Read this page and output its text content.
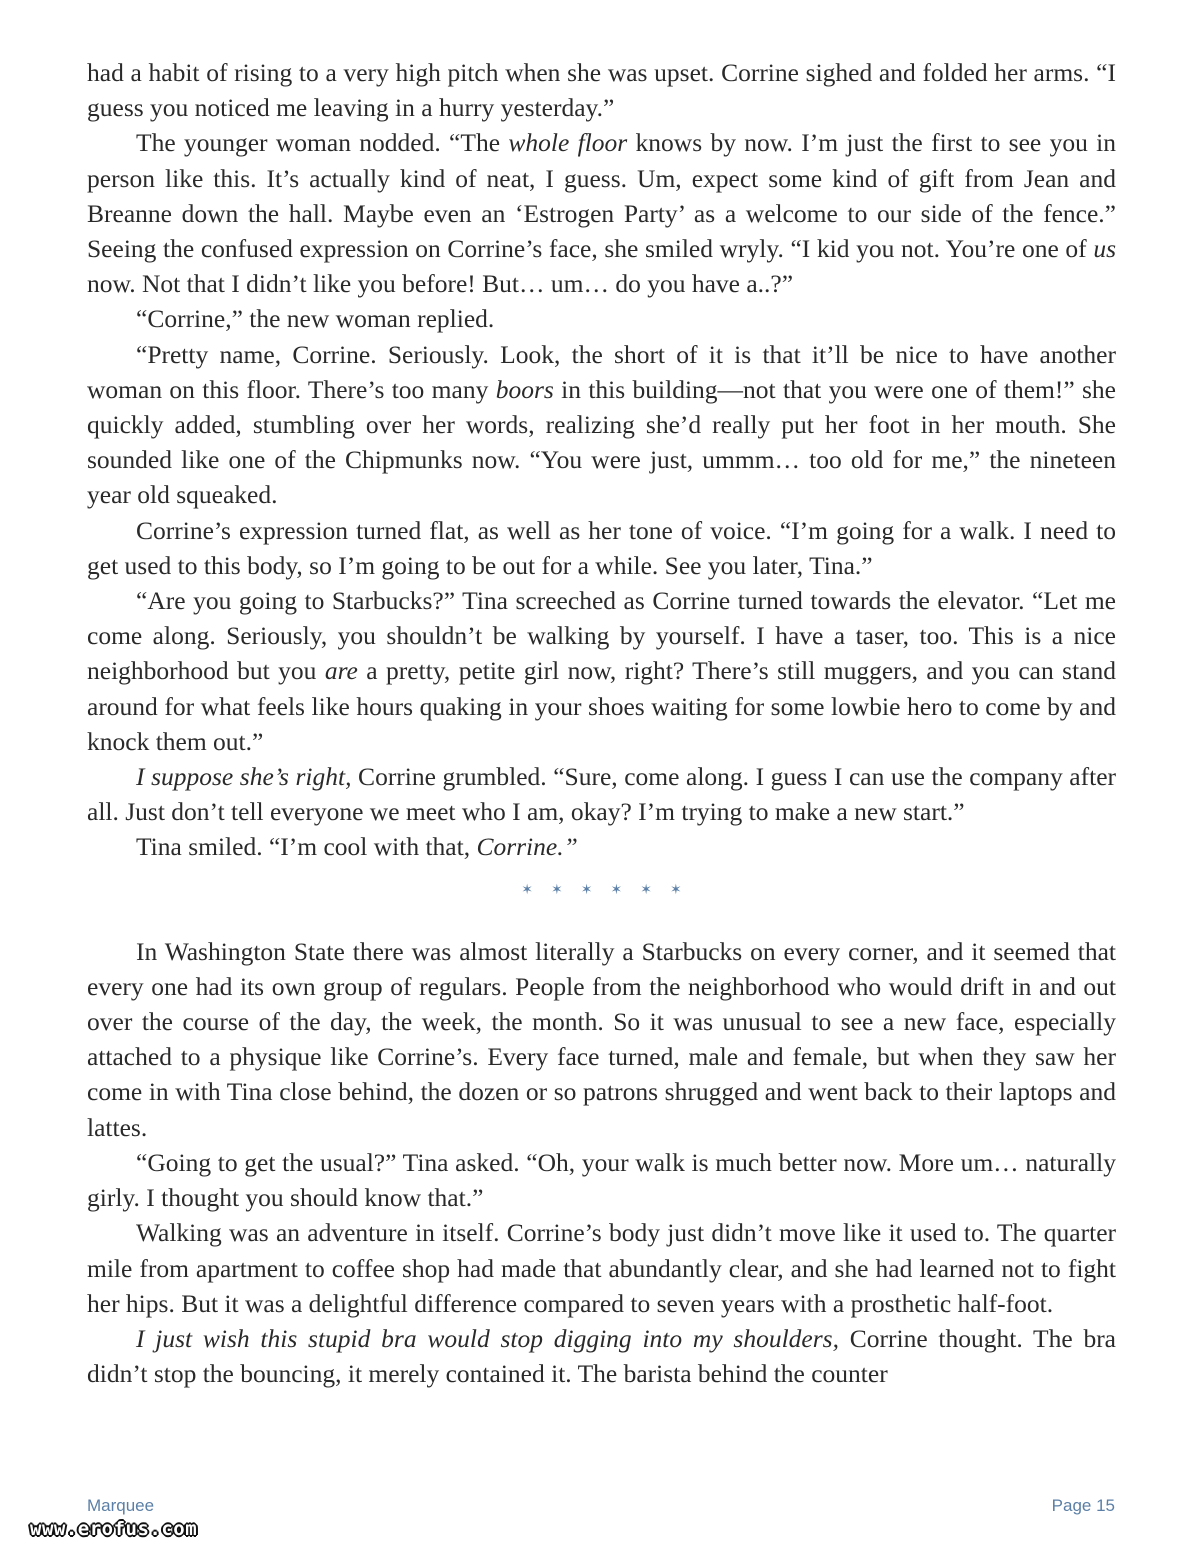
had a habit of rising to a very high pitch when she was upset. Corrine sighed and folded her arms. “I guess you noticed me leaving in a hurry yesterday.”

The younger woman nodded. “The whole floor knows by now. I’m just the first to see you in person like this. It’s actually kind of neat, I guess. Um, expect some kind of gift from Jean and Breanne down the hall. Maybe even an ‘Estrogen Party’ as a welcome to our side of the fence.” Seeing the confused expression on Corrine’s face, she smiled wryly. “I kid you not. You’re one of us now. Not that I didn’t like you before! But… um… do you have a..?”

“Corrine,” the new woman replied.

“Pretty name, Corrine. Seriously. Look, the short of it is that it’ll be nice to have another woman on this floor. There’s too many boors in this building—not that you were one of them!” she quickly added, stumbling over her words, realizing she’d really put her foot in her mouth. She sounded like one of the Chipmunks now. “You were just, ummm… too old for me,” the nineteen year old squeaked.

Corrine’s expression turned flat, as well as her tone of voice. “I’m going for a walk. I need to get used to this body, so I’m going to be out for a while. See you later, Tina.”

“Are you going to Starbucks?” Tina screeched as Corrine turned towards the elevator. “Let me come along. Seriously, you shouldn’t be walking by yourself. I have a taser, too. This is a nice neighborhood but you are a pretty, petite girl now, right? There’s still muggers, and you can stand around for what feels like hours quaking in your shoes waiting for some lowbie hero to come by and knock them out.”

I suppose she’s right, Corrine grumbled. “Sure, come along. I guess I can use the company after all. Just don’t tell everyone we meet who I am, okay? I’m trying to make a new start.”

Tina smiled. “I’m cool with that, Corrine.”

✶✶✶✶✶✶

In Washington State there was almost literally a Starbucks on every corner, and it seemed that every one had its own group of regulars. People from the neighborhood who would drift in and out over the course of the day, the week, the month. So it was unusual to see a new face, especially attached to a physique like Corrine’s. Every face turned, male and female, but when they saw her come in with Tina close behind, the dozen or so patrons shrugged and went back to their laptops and lattes.

“Going to get the usual?” Tina asked. “Oh, your walk is much better now. More um… naturally girly. I thought you should know that.”

Walking was an adventure in itself. Corrine’s body just didn’t move like it used to. The quarter mile from apartment to coffee shop had made that abundantly clear, and she had learned not to fight her hips. But it was a delightful difference compared to seven years with a prosthetic half-foot.

I just wish this stupid bra would stop digging into my shoulders, Corrine thought. The bra didn’t stop the bouncing, it merely contained it. The barista behind the counter

Marquee	Page 15
www.erofus.com
